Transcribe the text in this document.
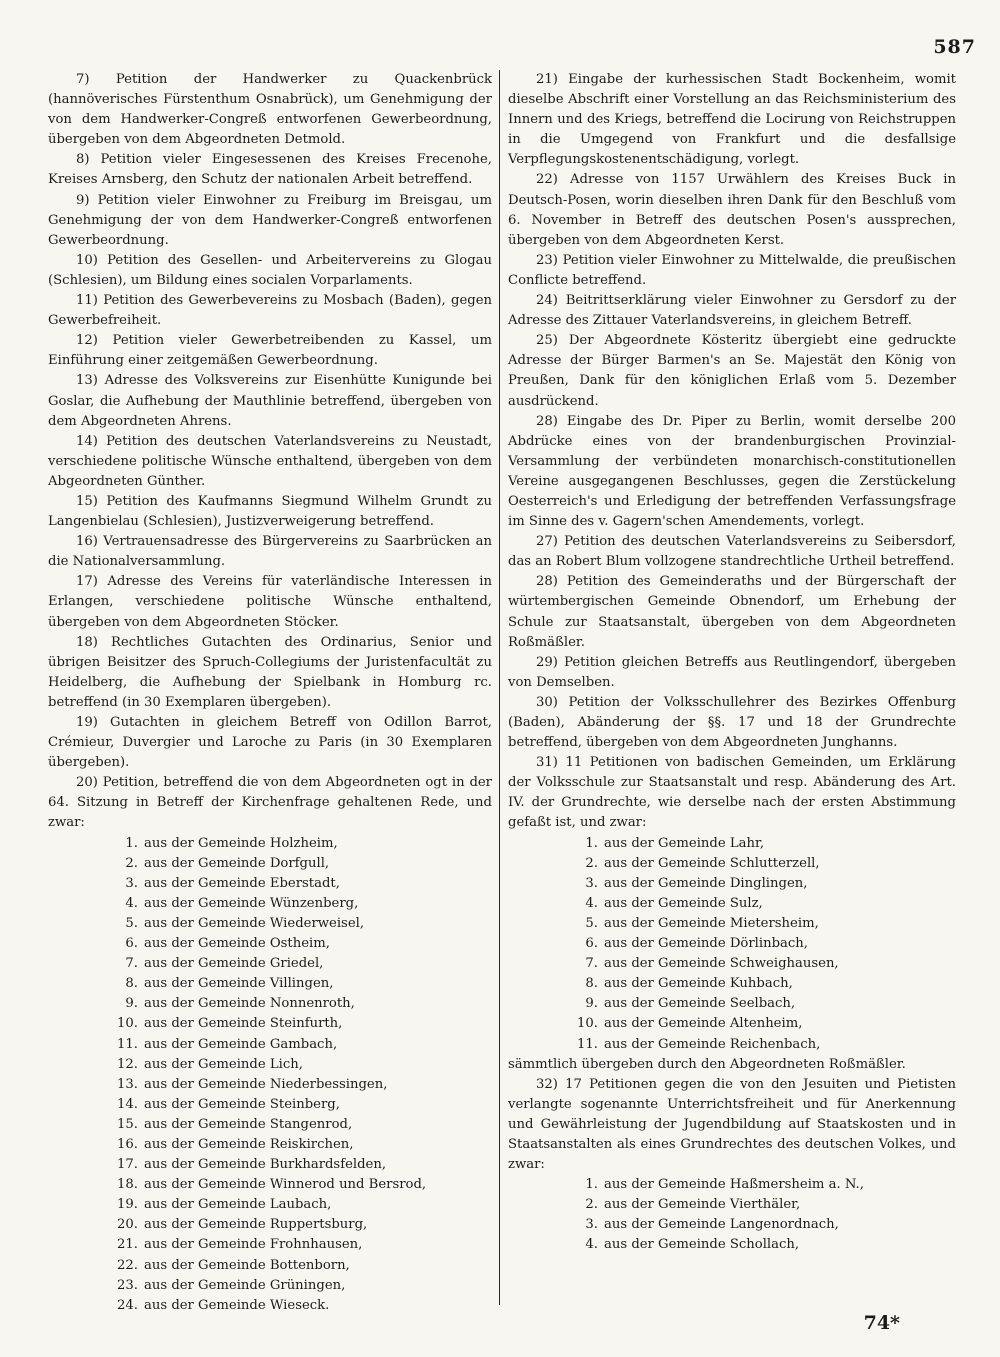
587

7) Petition der Handwerker zu Quackenbrück (hannöverisches Fürstenthum Osnabrück), um Genehmigung der von dem Handwerker-Congreß entworfenen Gewerbeordnung, übergeben von dem Abgeordneten Detmold.

8) Petition vieler Eingesessenen des Kreises Frecenohe, Kreises Arnsberg, den Schutz der nationalen Arbeit betreffend.

9) Petition vieler Einwohner zu Freiburg im Breisgau, um Genehmigung der von dem Handwerker-Congreß entworfenen Gewerbeordnung.

10) Petition des Gesellen- und Arbeitervereins zu Glogau (Schlesien), um Bildung eines socialen Vorparlaments.

11) Petition des Gewerbevereins zu Mosbach (Baden), gegen Gewerbefreiheit.

12) Petition vieler Gewerbetreibenden zu Kassel, um Einführung einer zeitgemäßen Gewerbeordnung.

13) Adresse des Volksvereins zur Eisenhütte Kunigunde bei Goslar, die Aufhebung der Mauthlinie betreffend, übergeben von dem Abgeordneten Ahrens.

14) Petition des deutschen Vaterlandsvereins zu Neustadt, verschiedene politische Wünsche enthaltend, übergeben von dem Abgeordneten Günther.

15) Petition des Kaufmanns Siegmund Wilhelm Grundt zu Langenbielau (Schlesien), Justizverweigerung betreffend.

16) Vertrauensadresse des Bürgervereins zu Saarbrücken an die Nationalversammlung.

17) Adresse des Vereins für vaterländische Interessen in Erlangen, verschiedene politische Wünsche enthaltend, übergeben von dem Abgeordneten Stöcker.

18) Rechtliches Gutachten des Ordinarius, Senior und übrigen Beisitzer des Spruch-Collegiums der Juristenfacultät zu Heidelberg, die Aufhebung der Spielbank in Homburg rc. betreffend (in 30 Exemplaren übergeben).

19) Gutachten in gleichem Betreff von Odillon Barrot, Crémieur, Duvergier und Laroche zu Paris (in 30 Exemplaren übergeben).

20) Petition, betreffend die von dem Abgeordneten ogt in der 64. Sitzung in Betreff der Kirchenfrage gehaltenen Rede, und zwar:

1. aus der Gemeinde Holzheim,
2. aus der Gemeinde Dorfgull,
3. aus der Gemeinde Eberstadt,
4. aus der Gemeinde Wünzenberg,
5. aus der Gemeinde Wiederweisel,
6. aus der Gemeinde Ostheim,
7. aus der Gemeinde Griedel,
8. aus der Gemeinde Villingen,
9. aus der Gemeinde Nonnenroth,
10. aus der Gemeinde Steinfurth,
11. aus der Gemeinde Gambach,
12. aus der Gemeinde Lich,
13. aus der Gemeinde Niederbessingen,
14. aus der Gemeinde Steinberg,
15. aus der Gemeinde Stangenrod,
16. aus der Gemeinde Reiskirchen,
17. aus der Gemeinde Burkhardsfelden,
18. aus der Gemeinde Winnerod und Bersrod,
19. aus der Gemeinde Laubach,
20. aus der Gemeinde Ruppertsburg,
21. aus der Gemeinde Frohnhausen,
22. aus der Gemeinde Bottenborn,
23. aus der Gemeinde Grüningen,
24. aus der Gemeinde Wieseck.

21) Eingabe der kurhessischen Stadt Bockenheim, womit dieselbe Abschrift einer Vorstellung an das Reichsministerium des Innern und des Kriegs, betreffend die Locirung von Reichstruppen in die Umgegend von Frankfurt und die desfallsige Verpflegungskostenentschädigung, vorlegt.

22) Adresse von 1157 Urwählern des Kreises Buck in Deutsch-Posen, worin dieselben ihren Dank für den Beschluß vom 6. November in Betreff des deutschen Posen's aussprechen, übergeben von dem Abgeordneten Kerst.

23) Petition vieler Einwohner zu Mittelwalde, die preußischen Conflicte betreffend.

24) Beitrittserklärung vieler Einwohner zu Gersdorf zu der Adresse des Zittauer Vaterlandsvereins, in gleichem Betreff.

25) Der Abgeordnete Kösteritz übergiebt eine gedruckte Adresse der Bürger Barmen's an Se. Majestät den König von Preußen, Dank für den königlichen Erlaß vom 5. Dezember ausdrückend.

28) Eingabe des Dr. Piper zu Berlin, womit derselbe 200 Abdrücke eines von der brandenburgischen Provinzial-Versammlung der verbündeten monarchisch-constitutionellen Vereine ausgegangenen Beschlusses, gegen die Zerstückelung Oesterreich's und Erledigung der betreffenden Verfassungsfrage im Sinne des v. Gagern'schen Amendements, vorlegt.

27) Petition des deutschen Vaterlandsvereins zu Seibersdorf, das an Robert Blum vollzogene standrechtliche Urtheil betreffend.

28) Petition des Gemeinderaths und der Bürgerschaft der würtembergischen Gemeinde Obnendorf, um Erhebung der Schule zur Staatsanstalt, übergeben von dem Abgeordneten Roßmäßler.

29) Petition gleichen Betreffs aus Reutlingendorf, übergeben von Demselben.

30) Petition der Volksschullehrer des Bezirkes Offenburg (Baden), Abänderung der §§. 17 und 18 der Grundrechte betreffend, übergeben von dem Abgeordneten Junghanns.

31) 11 Petitionen von badischen Gemeinden, um Erklärung der Volksschule zur Staatsanstalt und resp. Abänderung des Art. IV. der Grundrechte, wie derselbe nach der ersten Abstimmung gefaßt ist, und zwar:

1. aus der Gemeinde Lahr,
2. aus der Gemeinde Schlutterzell,
3. aus der Gemeinde Dinglingen,
4. aus der Gemeinde Sulz,
5. aus der Gemeinde Mietersheim,
6. aus der Gemeinde Dörlinbach,
7. aus der Gemeinde Schweighausen,
8. aus der Gemeinde Kuhbach,
9. aus der Gemeinde Seelbach,
10. aus der Gemeinde Altenheim,
11. aus der Gemeinde Reichenbach,

sämmtlich übergeben durch den Abgeordneten Roßmäßler.

32) 17 Petitionen gegen die von den Jesuiten und Pietisten verlangte sogenannte Unterrichtsfreiheit und für Anerkennung und Gewährleistung der Jugendbildung auf Staatskosten und in Staatsanstalten als eines Grundrechtes des deutschen Volkes, und zwar:

1. aus der Gemeinde Haßmersheim a. N.,
2. aus der Gemeinde Vierthäler,
3. aus der Gemeinde Langenordnach,
4. aus der Gemeinde Schollach,
74*
